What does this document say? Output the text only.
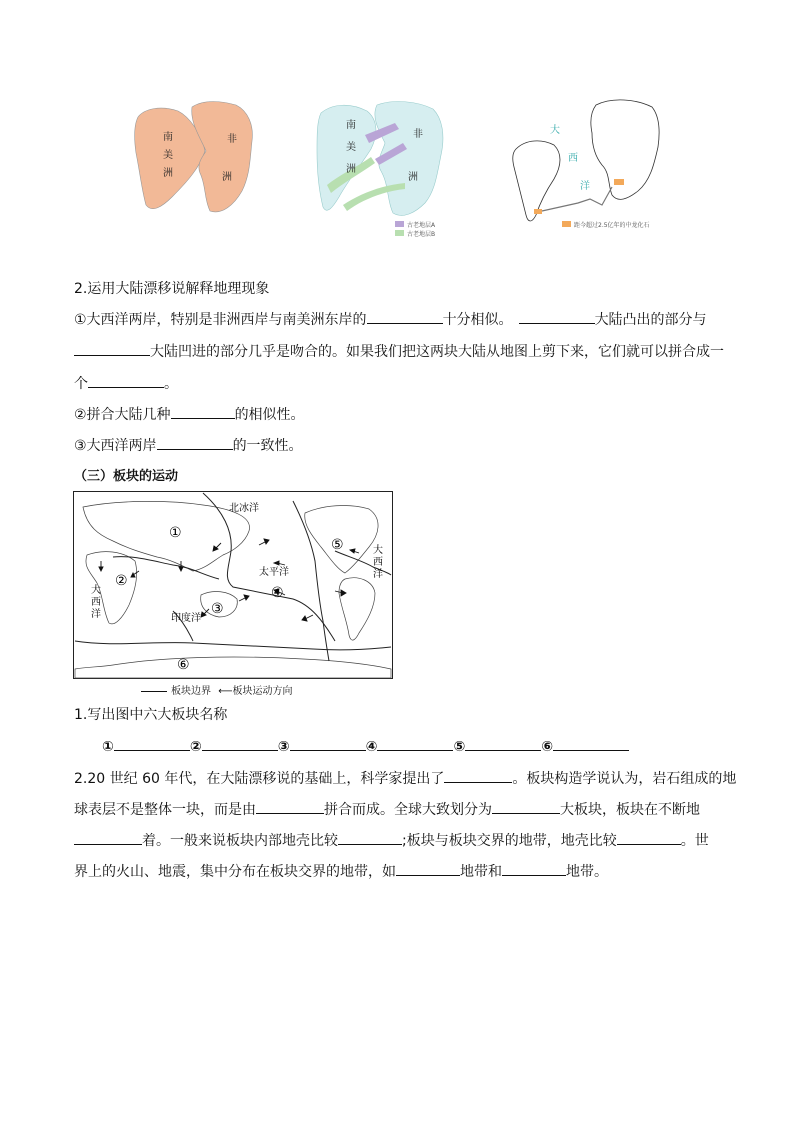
南
美
洲
非
洲
南
美
洲
非
洲
古老地层A
古老地层B
大
西
洋
距今超过2.5亿年的中龙化石
2.运用大陆漂移说解释地理现象
①大西洋两岸，特别是非洲西岸与南美洲东岸的	十分相似。	大陆凸出的部分与
大陆凹进的部分几乎是吻合的。如果我们把这两块大陆从地图上剪下来，它们就可以拼合成一
个	。
②拼合大陆几种	的相似性。
③大西洋两岸	的一致性。
（三）板块的运动
北冰洋
太平洋
印度洋
大
西
洋
大
西
洋
①
②
③
④
⑤
⑥
板块边界 ⟵板块运动方向
1.写出图中六大板块名称
①	②	③	④	⑤	⑥
2.20 世纪 60 年代，在大陆漂移说的基础上，科学家提出了	。板块构造学说认为，岩石组成的地
球表层不是整体一块，而是由	拼合而成。全球大致划分为	大板块，板块在不断地
着。一般来说板块内部地壳比较	;板块与板块交界的地带，地壳比较	。世
界上的火山、地震，集中分布在板块交界的地带，如	地带和	地带。
